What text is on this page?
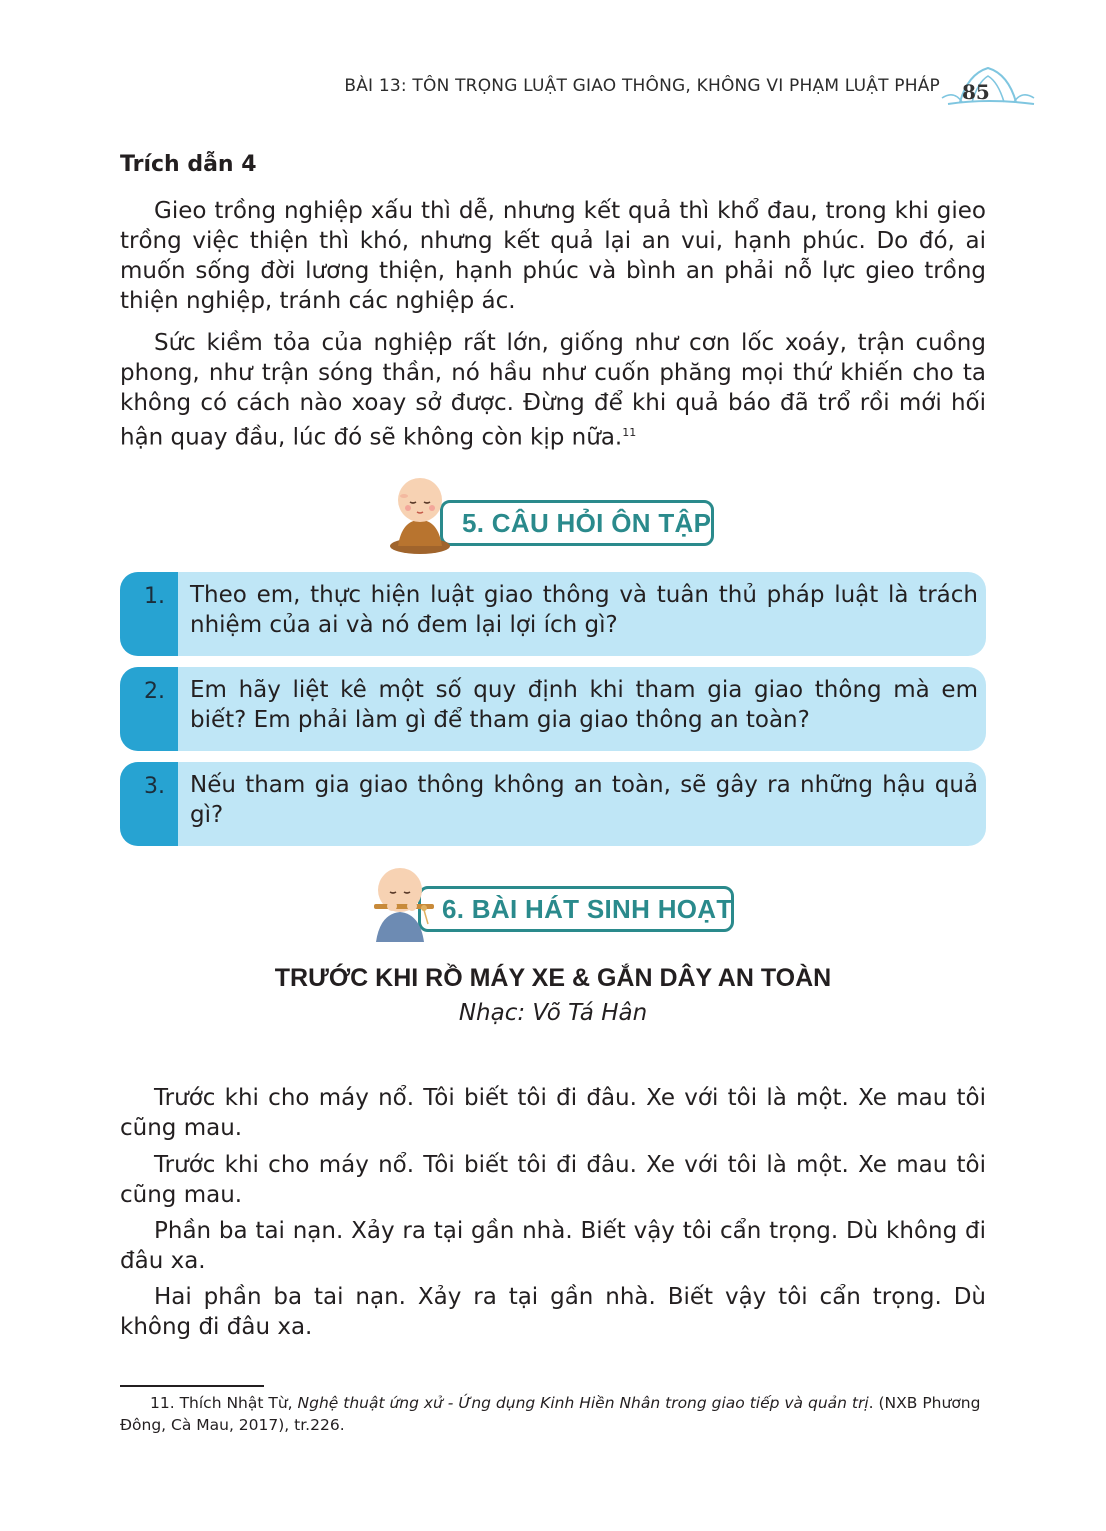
BÀI 13: TÔN TRỌNG LUẬT GIAO THÔNG, KHÔNG VI PHẠM LUẬT PHÁP 85
Trích dẫn 4
Gieo trồng nghiệp xấu thì dễ, nhưng kết quả thì khổ đau, trong khi gieo trồng việc thiện thì khó, nhưng kết quả lại an vui, hạnh phúc. Do đó, ai muốn sống đời lương thiện, hạnh phúc và bình an phải nỗ lực gieo trồng thiện nghiệp, tránh các nghiệp ác.
Sức kiềm tỏa của nghiệp rất lớn, giống như cơn lốc xoáy, trận cuồng phong, như trận sóng thần, nó hầu như cuốn phăng mọi thứ khiến cho ta không có cách nào xoay sở được. Đừng để khi quả báo đã trổ rồi mới hối hận quay đầu, lúc đó sẽ không còn kịp nữa.$^{11}$
5. CÂU HỎI ÔN TẬP
1. Theo em, thực hiện luật giao thông và tuân thủ pháp luật là trách nhiệm của ai và nó đem lại lợi ích gì?
2. Em hãy liệt kê một số quy định khi tham gia giao thông mà em biết? Em phải làm gì để tham gia giao thông an toàn?
3. Nếu tham gia giao thông không an toàn, sẽ gây ra những hậu quả gì?
6. BÀI HÁT SINH HOẠT
TRƯỚC KHI RỒ MÁY XE & GẮN DÂY AN TOÀN
Nhạc: Võ Tá Hân
Trước khi cho máy nổ. Tôi biết tôi đi đâu. Xe với tôi là một. Xe mau tôi cũng mau.
Trước khi cho máy nổ. Tôi biết tôi đi đâu. Xe với tôi là một. Xe mau tôi cũng mau.
Phần ba tai nạn. Xảy ra tại gần nhà. Biết vậy tôi cẩn trọng. Dù không đi đâu xa.
Hai phần ba tai nạn. Xảy ra tại gần nhà. Biết vậy tôi cẩn trọng. Dù không đi đâu xa.
11. Thích Nhật Từ, Nghệ thuật ứng xử - Ứng dụng Kinh Hiền Nhân trong giao tiếp và quản trị. (NXB Phương Đông, Cà Mau, 2017), tr.226.
